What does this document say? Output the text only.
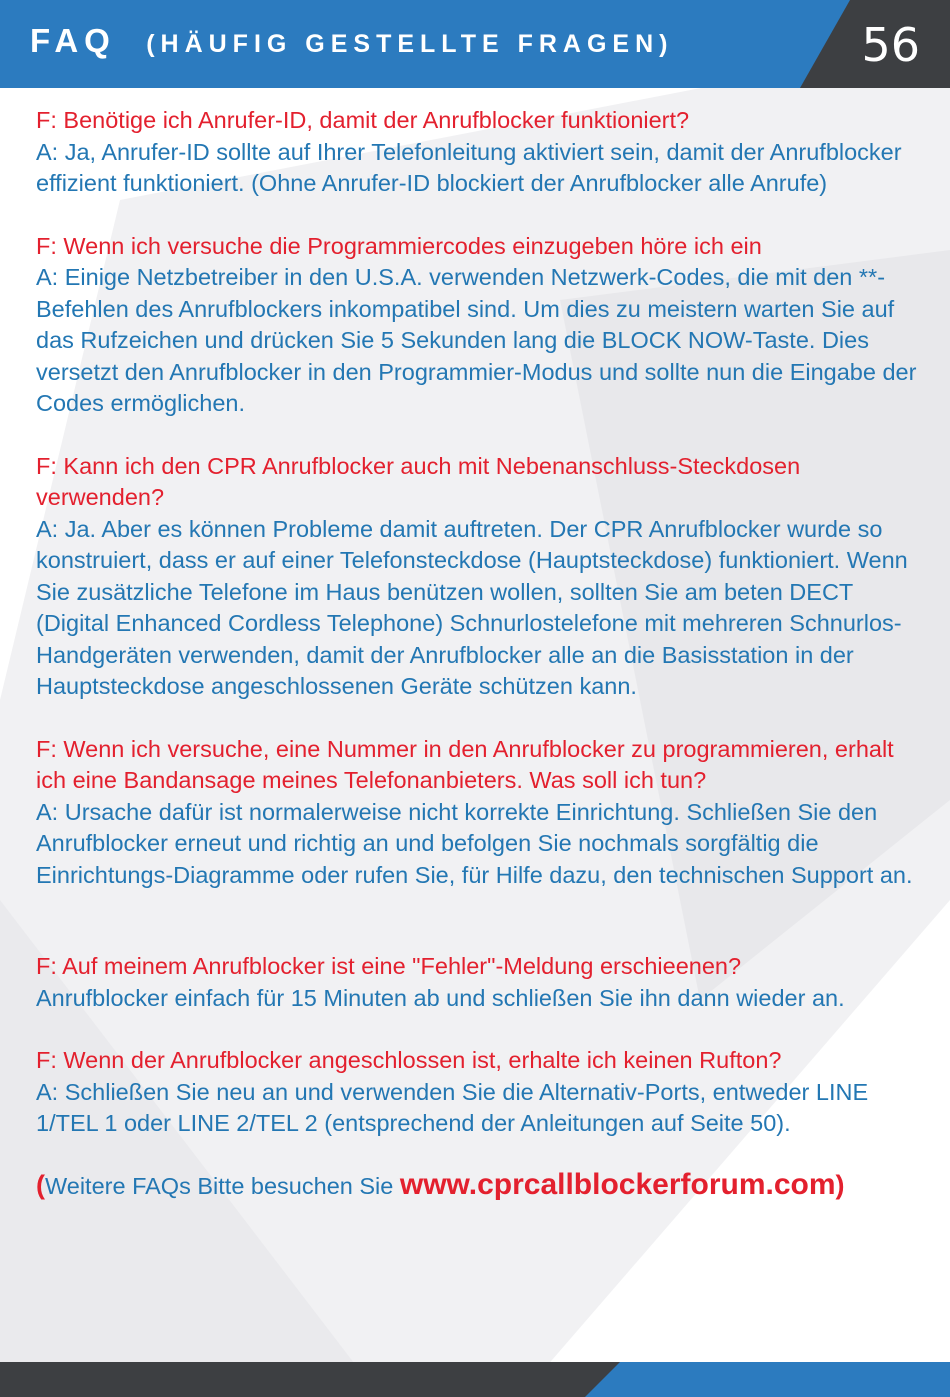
FAQ (HÄUFIG GESTELLTE FRAGEN)	56
F: Benötige ich Anrufer-ID, damit der Anrufblocker funktioniert?
A: Ja, Anrufer-ID sollte auf Ihrer Telefonleitung aktiviert sein, damit der Anrufblocker effizient funktioniert. (Ohne Anrufer-ID blockiert der Anrufblocker alle Anrufe)
F: Wenn ich versuche die Programmiercodes einzugeben höre ich ein
A: Einige Netzbetreiber in den U.S.A. verwenden Netzwerk-Codes, die mit den **-Befehlen des Anrufblockers inkompatibel sind. Um dies zu meistern warten Sie auf das Rufzeichen und drücken Sie 5 Sekunden lang die BLOCK NOW-Taste. Dies versetzt den Anrufblocker in den Programmier-Modus und sollte nun die Eingabe der Codes ermöglichen.
F: Kann ich den CPR Anrufblocker auch mit Nebenanschluss-Steckdosen verwenden?
A: Ja. Aber es können Probleme damit auftreten. Der CPR Anrufblocker wurde so konstruiert, dass er auf einer Telefonsteckdose (Hauptsteckdose) funktioniert. Wenn Sie zusätzliche Telefone im Haus benützen wollen, sollten Sie am beten DECT (Digital Enhanced Cordless Telephone) Schnurlostelefone mit mehreren Schnurlos-Handgeräten verwenden, damit der Anrufblocker alle an die Basisstation in der Hauptsteckdose angeschlossenen Geräte schützen kann.
F: Wenn ich versuche, eine Nummer in den Anrufblocker zu programmieren, erhalt ich eine Bandansage meines Telefonanbieters. Was soll ich tun?
A: Ursache dafür ist normalerweise nicht korrekte Einrichtung. Schließen Sie den Anrufblocker erneut und richtig an und befolgen Sie nochmals sorgfältig die Einrichtungs-Diagramme oder rufen Sie, für Hilfe dazu, den technischen Support an.
F: Auf meinem Anrufblocker ist eine "Fehler"-Meldung erschieenen?
Anrufblocker einfach für 15 Minuten ab und schließen Sie ihn dann wieder an.
F: Wenn der Anrufblocker angeschlossen ist, erhalte ich keinen Rufton?
A: Schließen Sie neu an und verwenden Sie die Alternativ-Ports, entweder LINE 1/TEL 1 oder LINE 2/TEL 2 (entsprechend der Anleitungen auf Seite 50).
(Weitere FAQs Bitte besuchen Sie www.cprcallblockerforum.com)
